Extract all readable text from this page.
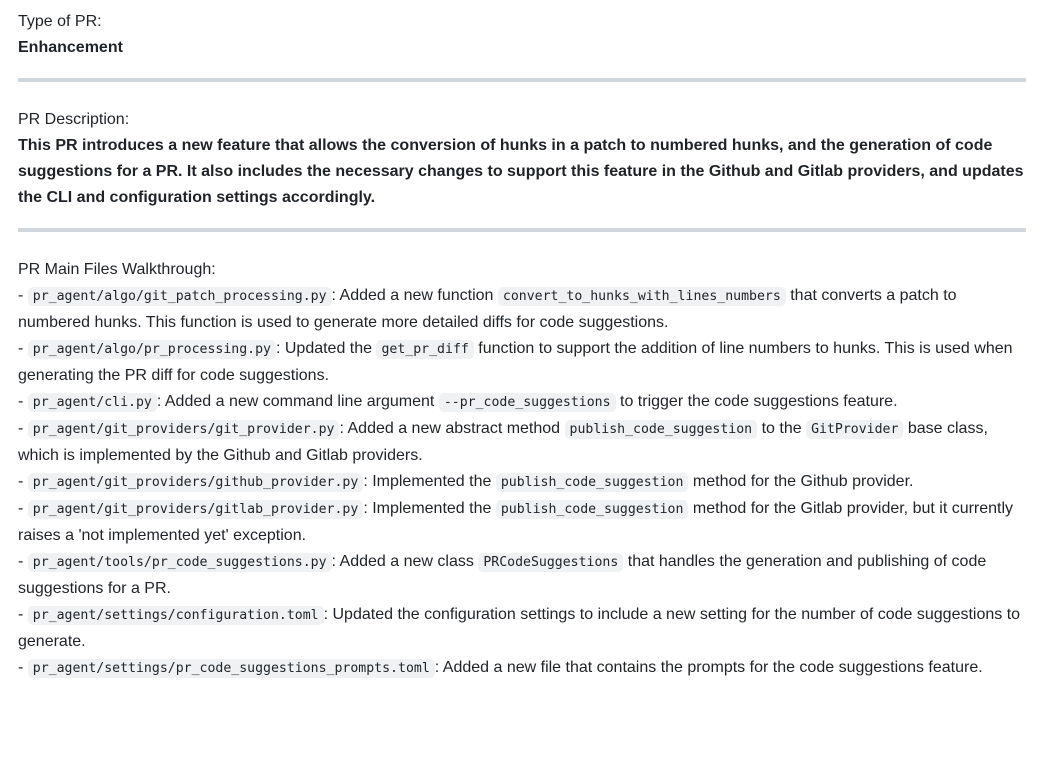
Type of PR:

Enhancement

PR Description:

This PR introduces a new feature that allows the conversion of hunks in a patch to numbered hunks, and the generation of code suggestions for a PR. It also includes the necessary changes to support this feature in the Github and Gitlab providers, and updates the CLI and configuration settings accordingly.

PR Main Files Walkthrough:

- pr_agent/algo/git_patch_processing.py : Added a new function convert_to_hunks_with_lines_numbers that converts a patch to numbered hunks. This function is used to generate more detailed diffs for code suggestions.

- pr_agent/algo/pr_processing.py : Updated the get_pr_diff function to support the addition of line numbers to hunks. This is used when generating the PR diff for code suggestions.

- pr_agent/cli.py : Added a new command line argument --pr_code_suggestions to trigger the code suggestions feature.

- pr_agent/git_providers/git_provider.py : Added a new abstract method publish_code_suggestion to the GitProvider base class, which is implemented by the Github and Gitlab providers.

- pr_agent/git_providers/github_provider.py : Implemented the publish_code_suggestion method for the Github provider.

- pr_agent/git_providers/gitlab_provider.py : Implemented the publish_code_suggestion method for the Gitlab provider, but it currently raises a 'not implemented yet' exception.

- pr_agent/tools/pr_code_suggestions.py : Added a new class PRCodeSuggestions that handles the generation and publishing of code suggestions for a PR.

- pr_agent/settings/configuration.toml : Updated the configuration settings to include a new setting for the number of code suggestions to generate.

- pr_agent/settings/pr_code_suggestions_prompts.toml : Added a new file that contains the prompts for the code suggestions feature.
